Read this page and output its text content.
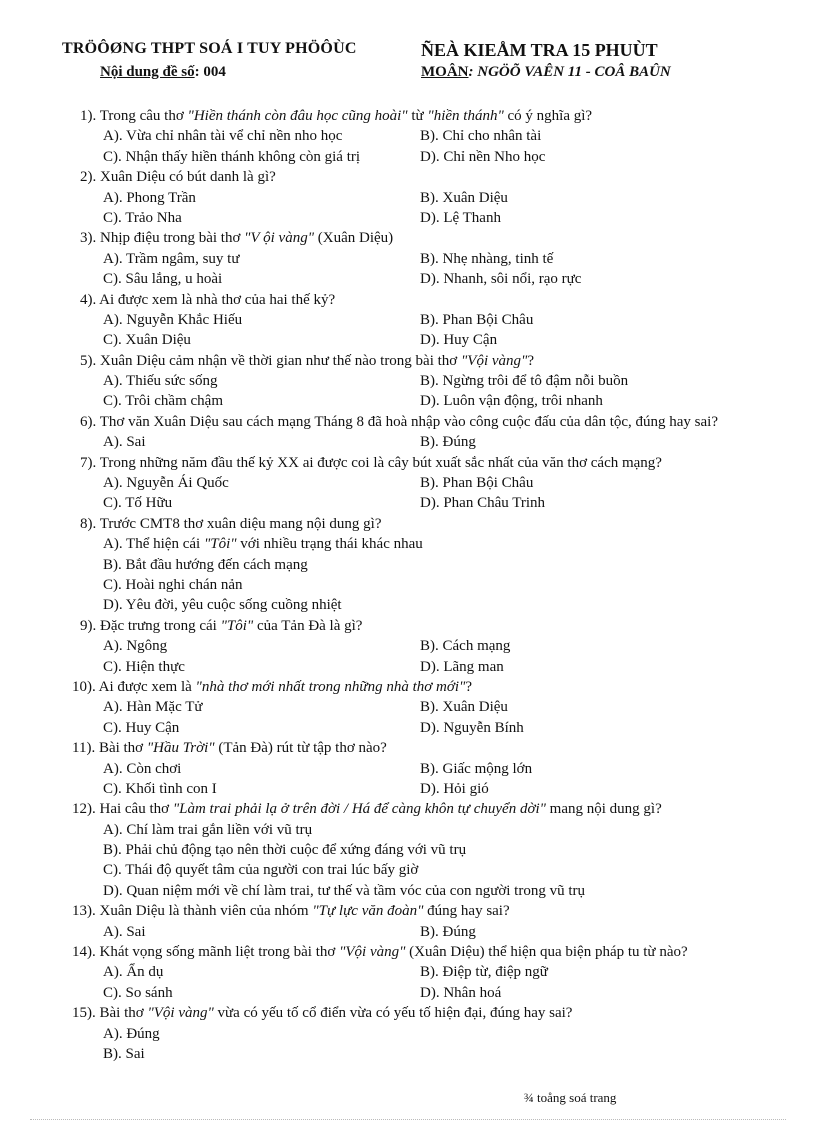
TRÖÔØNG THPT SOÁ I TUY PHÖÔÙC
Nội dung đề số: 004
ÑEÀ KIEÅM TRA 15 PHUÙT
MOÂN: NGÖÕ VAÊN 11 - COÂ BAÛN
1). Trong câu thơ "Hiền thánh còn đâu học cũng hoài" từ "hiền thánh" có ý nghĩa gì?
A). Vừa chỉ nhân tài vể chỉ nền nho học	B). Chỉ cho nhân tài
C). Nhận thấy hiền thánh không còn giá trị	D). Chỉ nền Nho học
2). Xuân Diệu có bút danh là gì?
A). Phong Trần	B). Xuân Diệu
C). Trảo Nha	D). Lệ Thanh
3). Nhịp điệu trong bài thơ "V ội vàng" (Xuân Diệu)
A). Trầm ngâm, suy tư	B). Nhẹ nhàng, tinh tế
C). Sâu lắng, u hoài	D). Nhanh, sôi nổi, rạo rực
4). Ai được xem là nhà thơ của hai thế kỷ?
A). Nguyễn Khắc Hiếu	B). Phan Bội Châu
C). Xuân Diệu	D). Huy Cận
5). Xuân Diệu cảm nhận về thời gian như thế nào trong bài thơ "Vội vàng"?
A). Thiếu sức sống	B). Ngừng trôi để tô đậm nỗi buồn
C). Trôi chầm chậm	D). Luôn vận động, trôi nhanh
6). Thơ văn Xuân Diệu sau cách mạng Tháng 8 đã hoà nhập vào công cuộc đấu của dân tộc, đúng hay sai?
A). Sai	B). Đúng
7). Trong những năm đầu thế kỷ XX ai được coi là cây bút xuất sắc nhất của văn thơ cách mạng?
A). Nguyễn Ái Quốc	B). Phan Bội Châu
C). Tố Hữu	D). Phan Châu Trinh
8). Trước CMT8 thơ xuân diệu mang nội dung gì?
A). Thể hiện cái "Tôi" với nhiều trạng thái khác nhau
B). Bắt đầu hướng đến cách mạng
C). Hoài nghi chán nản
D). Yêu đời, yêu cuộc sống cuồng nhiệt
9). Đặc trưng trong cái "Tôi" của Tản Đà là gì?
A). Ngông	B). Cách mạng
C). Hiện thực	D). Lãng man
10). Ai được xem là "nhà thơ mới nhất trong những nhà thơ mới"?
A). Hàn Mặc Tử	B). Xuân Diệu
C). Huy Cận	D). Nguyễn Bính
11). Bài thơ "Hầu Trời" (Tản Đà) rút từ tập thơ nào?
A). Còn chơi	B). Giấc mộng lớn
C). Khối tình con I	D). Hỏi gió
12). Hai câu thơ "Làm trai phải lạ ở trên đời / Há để càng khôn tự chuyển dời" mang nội dung gì?
A). Chí làm trai gắn liền với vũ trụ
B). Phải chủ động tạo nên thời cuộc để xứng đáng với vũ trụ
C). Thái độ quyết tâm của người con trai lúc bấy giờ
D). Quan niệm mới về chí làm trai, tư thế và tầm vóc của con người trong vũ trụ
13). Xuân Diệu là thành viên của nhóm "Tự lực văn đoàn" đúng hay sai?
A). Sai	B). Đúng
14). Khát vọng sống mãnh liệt trong bài thơ "Vội vàng" (Xuân Diệu) thể hiện qua biện pháp tu từ nào?
A). Ẩn dụ	B). Điệp từ, điệp ngữ
C). So sánh	D). Nhân hoá
15). Bài thơ "Vội vàng" vừa có yếu tố cổ điển vừa có yếu tố hiện đại, đúng hay sai?
A). Đúng
B). Sai
¾ toång soá trang
